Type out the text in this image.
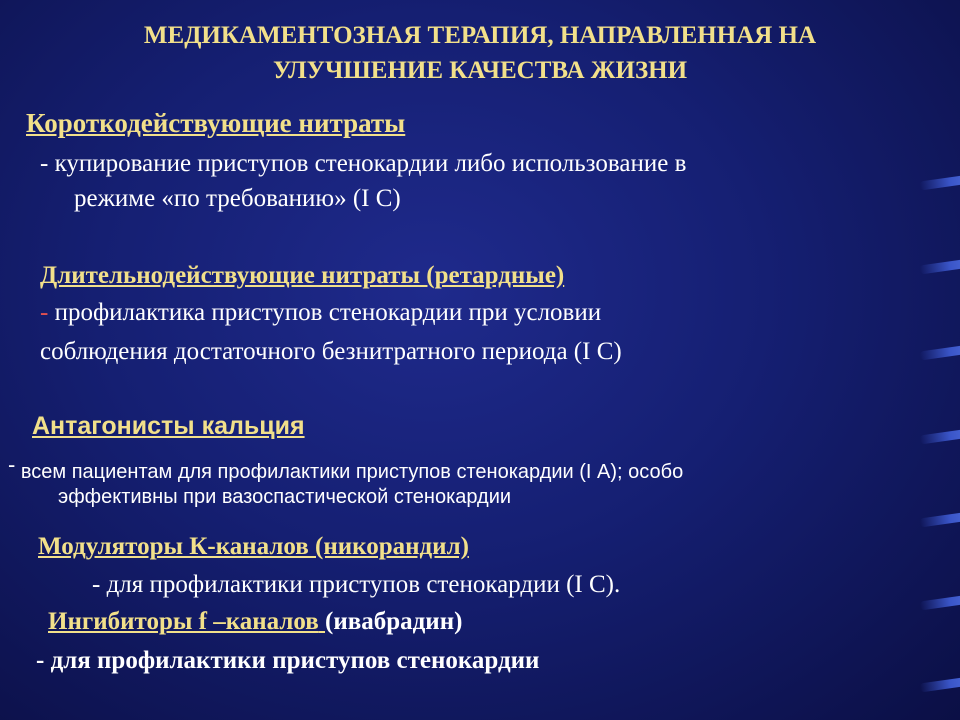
МЕДИКАМЕНТОЗНАЯ ТЕРАПИЯ, НАПРАВЛЕННАЯ НА
УЛУЧШЕНИЕ КАЧЕСТВА ЖИЗНИ
Короткодействующие нитраты
- купирование приступов стенокардии либо использование в
режиме «по требованию» (I C)
Длительнодействующие нитраты (ретардные)
- профилактика приступов стенокардии при условии
соблюдения достаточного безнитратного периода (I C)
Антагонисты кальция
- всем пациентам для профилактики приступов стенокардии (I А); особо
эффективны при вазоспастической стенокардии
Модуляторы К-каналов (никорандил)
- для профилактики приступов стенокардии (I C).
Ингибиторы f –каналов (ивабрадин)
- для профилактики приступов стенокардии
